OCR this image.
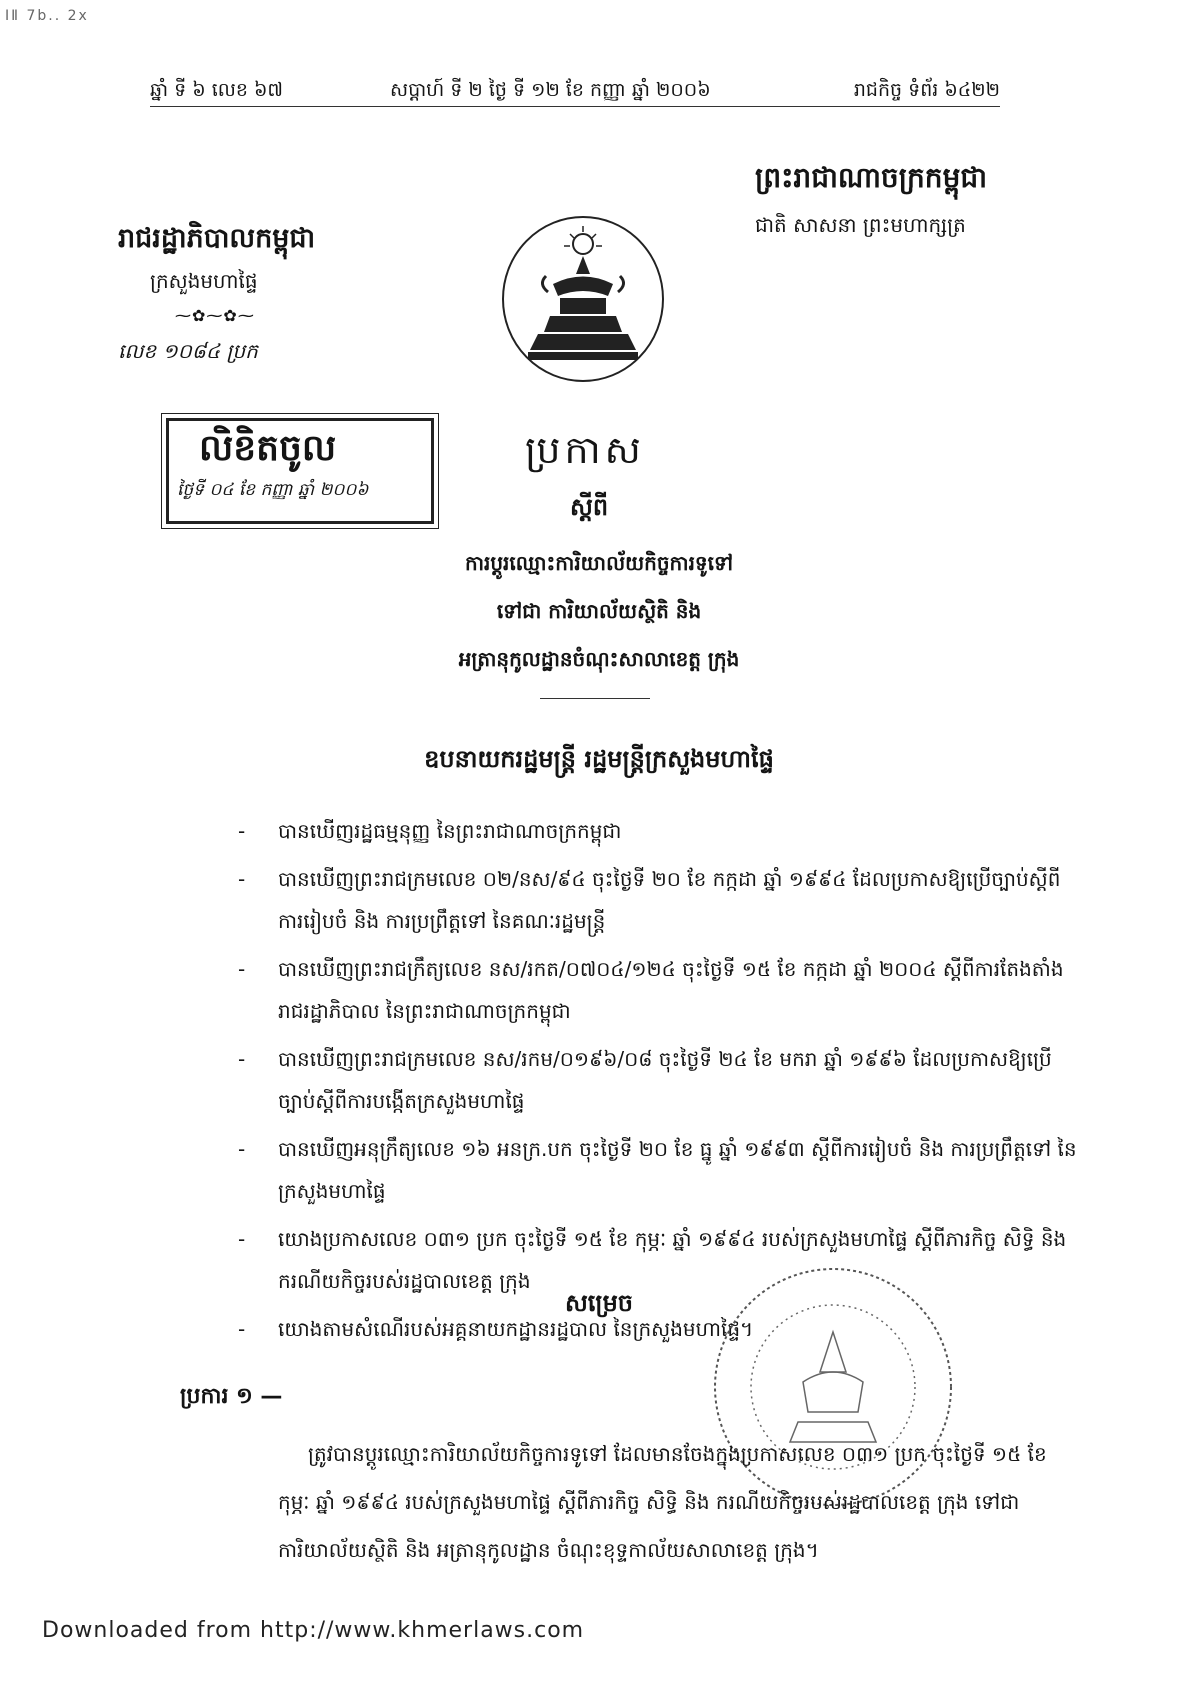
ⅠⅡ 7b.. 2x
ឆ្នាំ ទី ៦ លេខ ៦៧	សប្តាហ៍ ទី ២ ថ្ងៃ ទី ១២ ខែ កញ្ញា ឆ្នាំ ២០០៦	រាជកិច្ច ទំព័រ ៦៤២២
ព្រះរាជាណាចក្រកម្ពុជា
ជាតិ សាសនា ព្រះមហាក្សត្រ
រាជរដ្ឋាភិបាលកម្ពុជា
ក្រសួងមហាផ្ទៃ
⁓✿⁓✿⁓
លេខ ១០៨៤ ប្រក
លិខិតចូល
ថ្ងៃទី ០៤ ខែ កញ្ញា ឆ្នាំ ២០០៦
ប្រកាស
ស្តីពី
ការប្តូរឈ្មោះការិយាល័យកិច្ចការទូទៅ
ទៅជា ការិយាល័យស្ថិតិ និង
អត្រានុកូលដ្ឋានចំណុះសាលាខេត្ត ក្រុង
ឧបនាយករដ្ឋមន្ត្រី រដ្ឋមន្ត្រីក្រសួងមហាផ្ទៃ
- បានឃើញរដ្ឋធម្មនុញ្ញ នៃព្រះរាជាណាចក្រកម្ពុជា
- បានឃើញព្រះរាជក្រមលេខ ០២/នស/៩៤ ចុះថ្ងៃទី ២០ ខែ កក្កដា ឆ្នាំ ១៩៩៤ ដែលប្រកាសឱ្យប្រើច្បាប់ស្តីពី ការរៀបចំ និង ការប្រព្រឹត្តទៅ នៃគណៈរដ្ឋមន្ត្រី
- បានឃើញព្រះរាជក្រឹត្យលេខ នស/រកត/០៧០៤/១២៤ ចុះថ្ងៃទី ១៥ ខែ កក្កដា ឆ្នាំ ២០០៤ ស្តីពីការតែងតាំង រាជរដ្ឋាភិបាល នៃព្រះរាជាណាចក្រកម្ពុជា
- បានឃើញព្រះរាជក្រមលេខ នស/រកម/០១៩៦/០៨ ចុះថ្ងៃទី ២៤ ខែ មករា ឆ្នាំ ១៩៩៦ ដែលប្រកាសឱ្យប្រើ ច្បាប់ស្តីពីការបង្កើតក្រសួងមហាផ្ទៃ
- បានឃើញអនុក្រឹត្យលេខ ១៦ អនក្រ.បក ចុះថ្ងៃទី ២០ ខែ ធ្នូ ឆ្នាំ ១៩៩៣ ស្តីពីការរៀបចំ និង ការប្រព្រឹត្តទៅ នៃក្រសួងមហាផ្ទៃ
- យោងប្រកាសលេខ ០៣១ ប្រក ចុះថ្ងៃទី ១៥ ខែ កុម្ភៈ ឆ្នាំ ១៩៩៤ របស់ក្រសួងមហាផ្ទៃ ស្តីពីភារកិច្ច សិទ្ធិ និង ករណីយកិច្ចរបស់រដ្ឋបាលខេត្ត ក្រុង
- យោងតាមសំណើរបស់អគ្គនាយកដ្ឋានរដ្ឋបាល នៃក្រសួងមហាផ្ទៃ។
សម្រេច
ប្រការ ១ —
ត្រូវបានប្តូរឈ្មោះការិយាល័យកិច្ចការទូទៅ ដែលមានចែងក្នុងប្រកាសលេខ ០៣១ ប្រក ចុះថ្ងៃទី ១៥ ខែ កុម្ភៈ ឆ្នាំ ១៩៩៤ របស់ក្រសួងមហាផ្ទៃ ស្តីពីភារកិច្ច សិទ្ធិ និង ករណីយកិច្ចរបស់រដ្ឋបាលខេត្ត ក្រុង ទៅជា ការិយាល័យស្ថិតិ និង អត្រានុកូលដ្ឋាន ចំណុះខុទ្ទកាល័យសាលាខេត្ត ក្រុង។
Downloaded from http://www.khmerlaws.com
